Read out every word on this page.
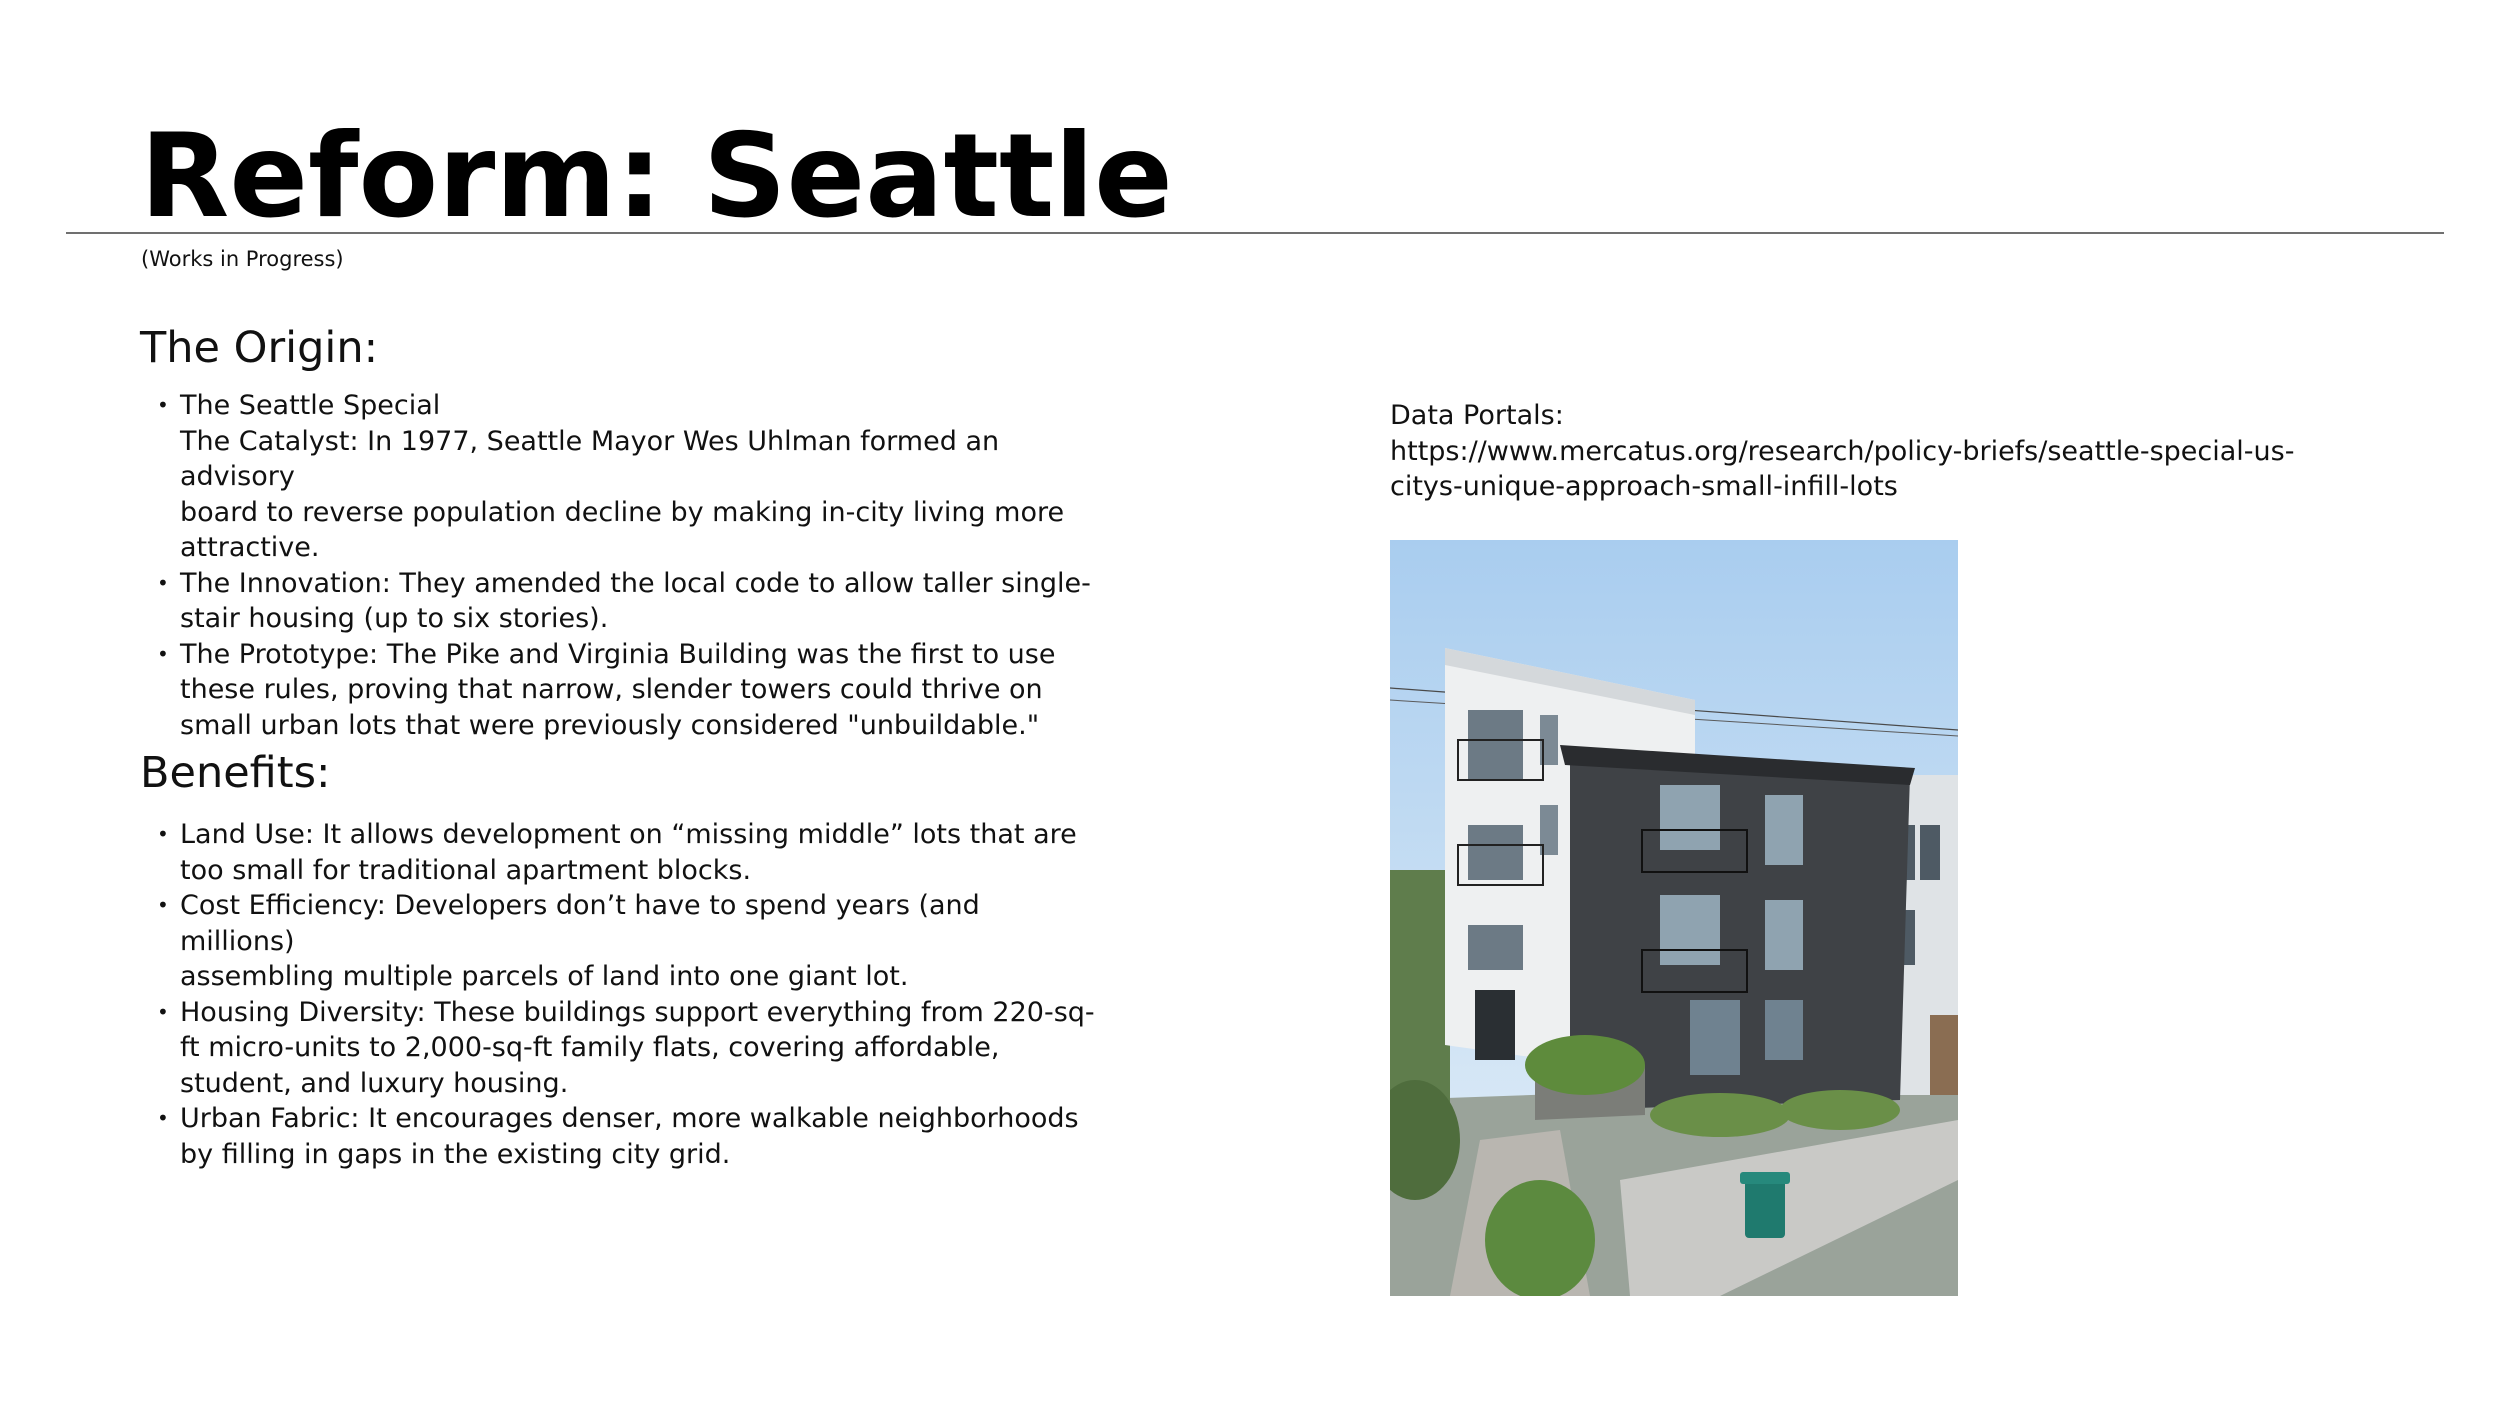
Reform: Seattle
(Works in Progress)
The Origin:
• The Seattle Special
The Catalyst: In 1977, Seattle Mayor Wes Uhlman formed an advisory
board to reverse population decline by making in-city living more
attractive.
• The Innovation: They amended the local code to allow taller single-
stair housing (up to six stories).
• The Prototype: The Pike and Virginia Building was the first to use
these rules, proving that narrow, slender towers could thrive on
small urban lots that were previously considered "unbuildable."
Benefits:
• Land Use: It allows development on “missing middle” lots that are
too small for traditional apartment blocks.
• Cost Efficiency: Developers don’t have to spend years (and millions)
assembling multiple parcels of land into one giant lot.
• Housing Diversity: These buildings support everything from 220-sq-
ft micro-units to 2,000-sq-ft family flats, covering affordable,
student, and luxury housing.
• Urban Fabric: It encourages denser, more walkable neighborhoods
by filling in gaps in the existing city grid.
Data Portals:
https://www.mercatus.org/research/policy-briefs/seattle-special-us-
citys-unique-approach-small-infill-lots
